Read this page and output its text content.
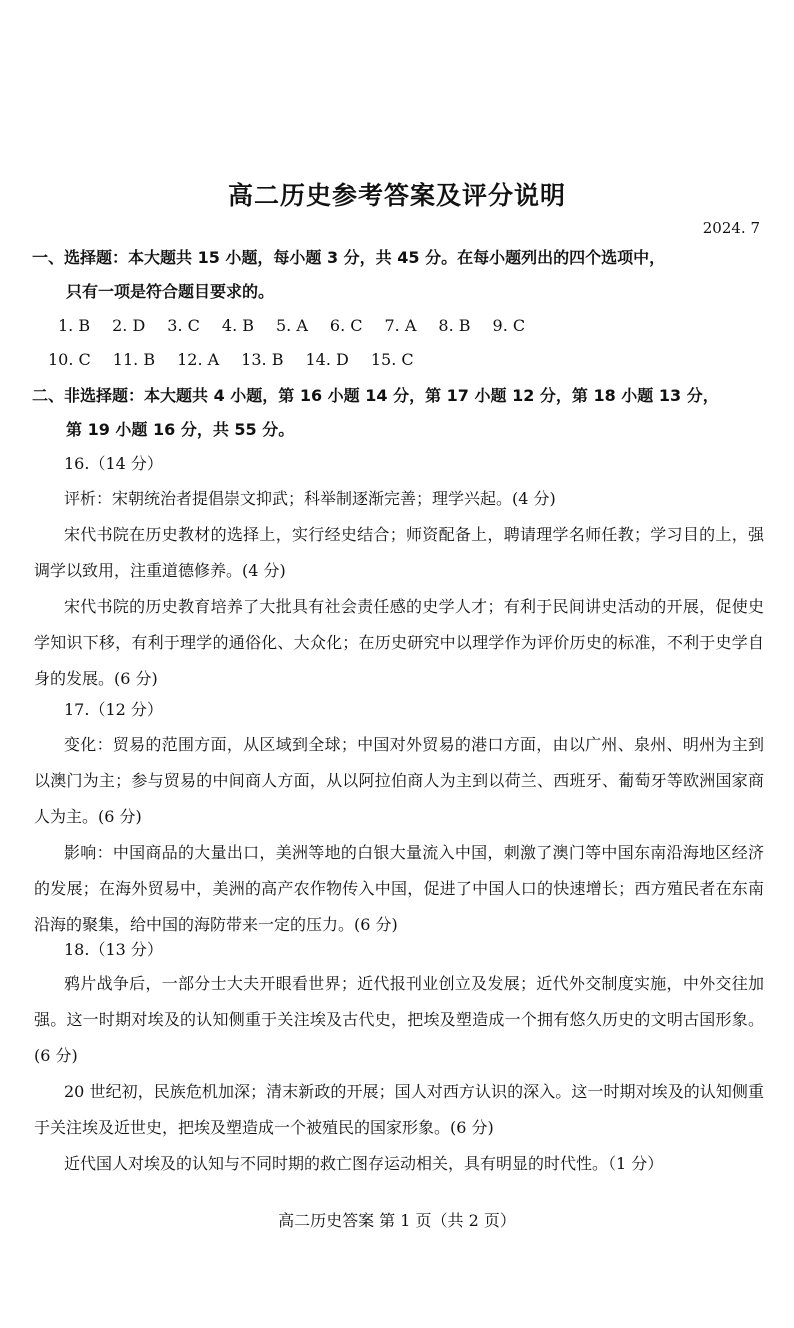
高二历史参考答案及评分说明
2024. 7
一、选择题：本大题共 15 小题，每小题 3 分，共 45 分。在每小题列出的四个选项中，
只有一项是符合题目要求的。
1. B 2. D 3. C 4. B 5. A 6. C 7. A 8. B 9. C
10. C 11. B 12. A 13. B 14. D 15. C
二、非选择题：本大题共 4 小题，第 16 小题 14 分，第 17 小题 12 分，第 18 小题 13 分，
第 19 小题 16 分，共 55 分。
16.（14 分）
评析：宋朝统治者提倡崇文抑武；科举制逐渐完善；理学兴起。(4 分)
宋代书院在历史教材的选择上，实行经史结合；师资配备上，聘请理学名师任教；学习目的上，强调学以致用，注重道德修养。(4 分)
宋代书院的历史教育培养了大批具有社会责任感的史学人才；有利于民间讲史活动的开展，促使史学知识下移，有利于理学的通俗化、大众化；在历史研究中以理学作为评价历史的标准，不利于史学自身的发展。(6 分)
17.（12 分）
变化：贸易的范围方面，从区域到全球；中国对外贸易的港口方面，由以广州、泉州、明州为主到以澳门为主；参与贸易的中间商人方面，从以阿拉伯商人为主到以荷兰、西班牙、葡萄牙等欧洲国家商人为主。(6 分)
影响：中国商品的大量出口，美洲等地的白银大量流入中国，刺激了澳门等中国东南沿海地区经济的发展；在海外贸易中，美洲的高产农作物传入中国，促进了中国人口的快速增长；西方殖民者在东南沿海的聚集，给中国的海防带来一定的压力。(6 分)
18.（13 分）
鸦片战争后，一部分士大夫开眼看世界；近代报刊业创立及发展；近代外交制度实施，中外交往加强。这一时期对埃及的认知侧重于关注埃及古代史，把埃及塑造成一个拥有悠久历史的文明古国形象。(6 分)
20 世纪初，民族危机加深；清末新政的开展；国人对西方认识的深入。这一时期对埃及的认知侧重于关注埃及近世史，把埃及塑造成一个被殖民的国家形象。(6 分)
近代国人对埃及的认知与不同时期的救亡图存运动相关，具有明显的时代性。（1 分）
高二历史答案 第 1 页（共 2 页）
